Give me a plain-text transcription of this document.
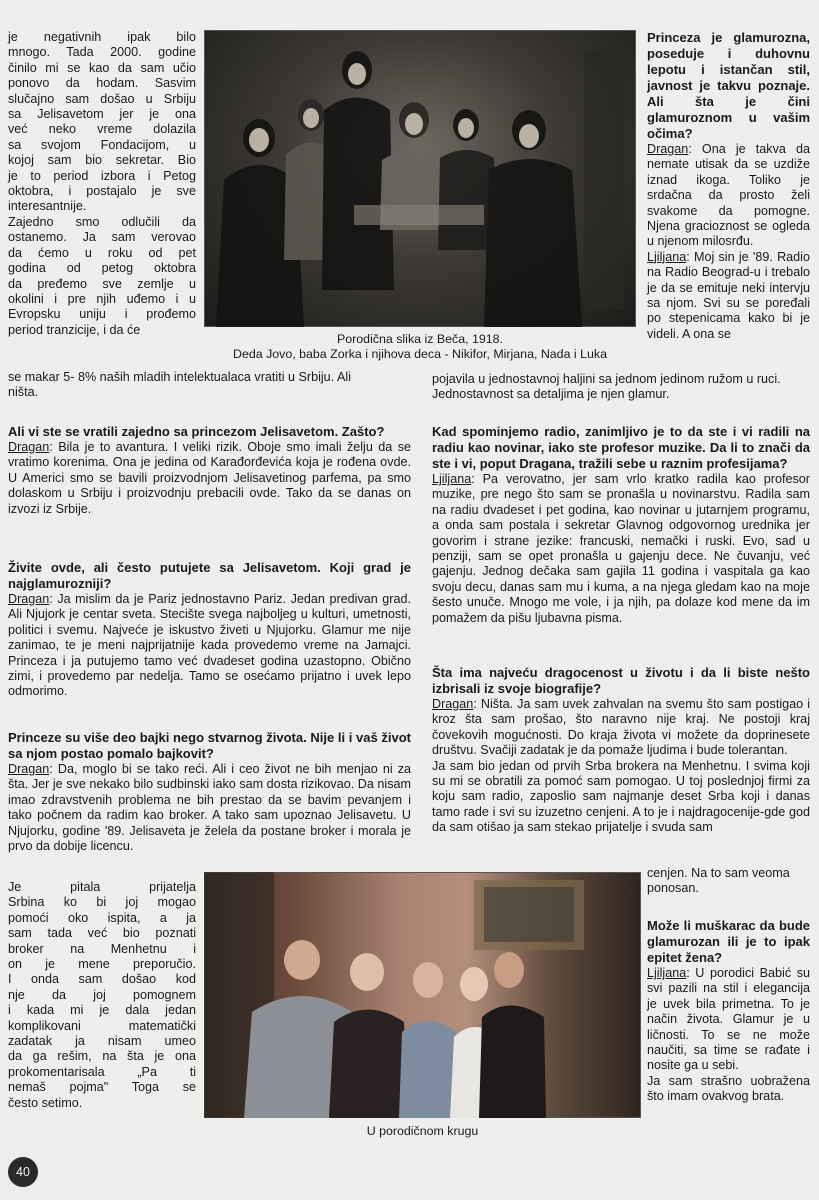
Porodična slika iz Beča, 1918.
Deda Jovo, baba Zorka i njihova deca - Nikifor, Mirjana, Nada i Luka
U porodičnom krugu

je negativnih ipak bilo

mnogo. Tada 2000. godine

činilo mi se kao da sam učio

ponovo da hodam. Sasvim

slučajno sam došao u Srbiju

sa Jelisavetom jer je ona

već neko vreme dolazila

sa svojom Fondacijom, u

kojoj sam bio sekretar. Bio

je to period izbora i Petog

oktobra, i postajalo je sve

interesantnije.

Zajedno smo odlučili da

ostanemo. Ja sam verovao

da ćemo u roku od pet

godina od petog oktobra

da pređemo sve zemlje u

okolini i pre njih uđemo i u

Evropsku uniju i prođemo

period tranzicije, i da će

se makar 5- 8% naših mladih intelektualaca vratiti u Srbiju. Ali

ništa.

Ali vi ste se vratili zajedno sa princezom Jelisavetom. Zašto?

Dragan: Bila je to avantura. I veliki rizik. Oboje smo imali želju da se vratimo korenima. Ona je jedina od Karađorđevića koja je rođena ovde. U Americi smo se bavili proizvodnjom Jelisavetinog parfema, pa smo dolaskom u Srbiju i proizvodnju prebacili ovde. Tako da se danas on izvozi iz Srbije.

Živite ovde, ali često putujete sa Jelisavetom. Koji grad je najglamurozniji?

Dragan: Ja mislim da je Pariz jednostavno Pariz. Jedan predivan grad. Ali Njujork je centar sveta. Stecište svega najboljeg u kulturi, umetnosti, politici i svemu. Najveće je iskustvo živeti u Njujorku. Glamur me nije zanimao, te je meni najprijatnije kada provedemo vreme na Jamajci. Princeza i ja putujemo tamo već dvadeset godina uzastopno. Obično zimi, i provedemo par nedelja. Tamo se osećamo prijatno i uvek lepo odmorimo.

Princeze su više deo bajki nego stvarnog života. Nije li i vaš život sa njom postao pomalo bajkovit?

Dragan: Da, moglo bi se tako reći. Ali i ceo život ne bih menjao ni za šta. Jer je sve nekako bilo sudbinski iako sam dosta rizikovao. Da nisam imao zdravstvenih problema ne bih prestao da se bavim pevanjem i tako počnem da radim kao broker. A tako sam upoznao Jelisavetu. U Njujorku, godine '89. Jelisaveta je želela da postane broker i morala je prvo da dobije licencu.

Je pitala prijatelja

Srbina ko bi joj mogao

pomoći oko ispita, a ja

sam tada već bio poznati

broker na Menhetnu i

on je mene preporučio.

I onda sam došao kod

nje da joj pomognem

i kada mi je dala jedan

komplikovani matematički

zadatak ja nisam umeo

da ga rešim, na šta je ona

prokomentarisala „Pa ti

nemaš pojma" Toga se

često setimo.

Princeza je glamurozna, poseduje i duhovnu lepotu i istančan stil, javnost je takvu poznaje. Ali šta je čini glamuroznom u vašim očima?

Dragan: Ona je takva da nemate utisak da se uzdiže iznad ikoga. Toliko je srdačna da prosto želi svakome da pomogne. Njena gracioznost se ogleda u njenom milosrđu.

Ljiljana: Moj sin je '89. Radio na Radio Beograd-u i trebalo je da se emituje neki intervju sa njom. Svi su se poređali po stepenicama kako bi je videli. A ona se

pojavila u jednostavnoj haljini sa jednom jedinom ružom u ruci.

Jednostavnost sa detaljima je njen glamur.

Kad spominjemo radio, zanimljivo je to da ste i vi radili na radiu kao novinar, iako ste profesor muzike. Da li to znači da ste i vi, poput Dragana, tražili sebe u raznim profesijama?

Ljiljana: Pa verovatno, jer sam vrlo kratko radila kao profesor muzike, pre nego što sam se pronašla u novinarstvu. Radila sam na radiu dvadeset i pet godina, kao novinar u jutarnjem programu, a onda sam postala i sekretar Glavnog odgovornog urednika jer govorim i strane jezike: francuski, nemački i ruski. Evo, sad u penziji, sam se opet pronašla u gajenju dece. Ne čuvanju, već gajenju. Jednog dečaka sam gajila 11 godina i vaspitala ga kao svoju decu, danas sam mu i kuma, a na njega gledam kao na moje šesto unuče. Mnogo me vole, i ja njih, pa dolaze kod mene da im pomažem da pišu ljubavna pisma.

Šta ima najveću dragocenost u životu i da li biste nešto izbrisali iz svoje biografije?

Dragan: Ništa. Ja sam uvek zahvalan na svemu što sam postigao i kroz šta sam prošao, što naravno nije kraj. Ne postoji kraj čovekovih mogućnosti. Do kraja života vi možete da doprinesete društvu. Svačiji zadatak je da pomaže ljudima i bude tolerantan.

Ja sam bio jedan od prvih Srba brokera na Menhetnu. I svima koji su mi se obratili za pomoć sam pomogao. U toj poslednjoj firmi za koju sam radio, zaposlio sam najmanje deset Srba koji i danas tamo rade i svi su izuzetno cenjeni. A to je i najdragocenije-gde god da sam otišao ja sam stekao prijatelje i svuda sam

cenjen. Na to sam veoma

ponosan.

Može li muškarac da bude glamurozan ili je to ipak epitet žena?

Ljiljana: U porodici Babić su svi pazili na stil i elegancija je uvek bila primetna. To je način života. Glamur je u ličnosti. To se ne može naučiti, sa time se rađate i nosite ga u sebi.

Ja sam strašno uobražena što imam ovakvog brata.

40
